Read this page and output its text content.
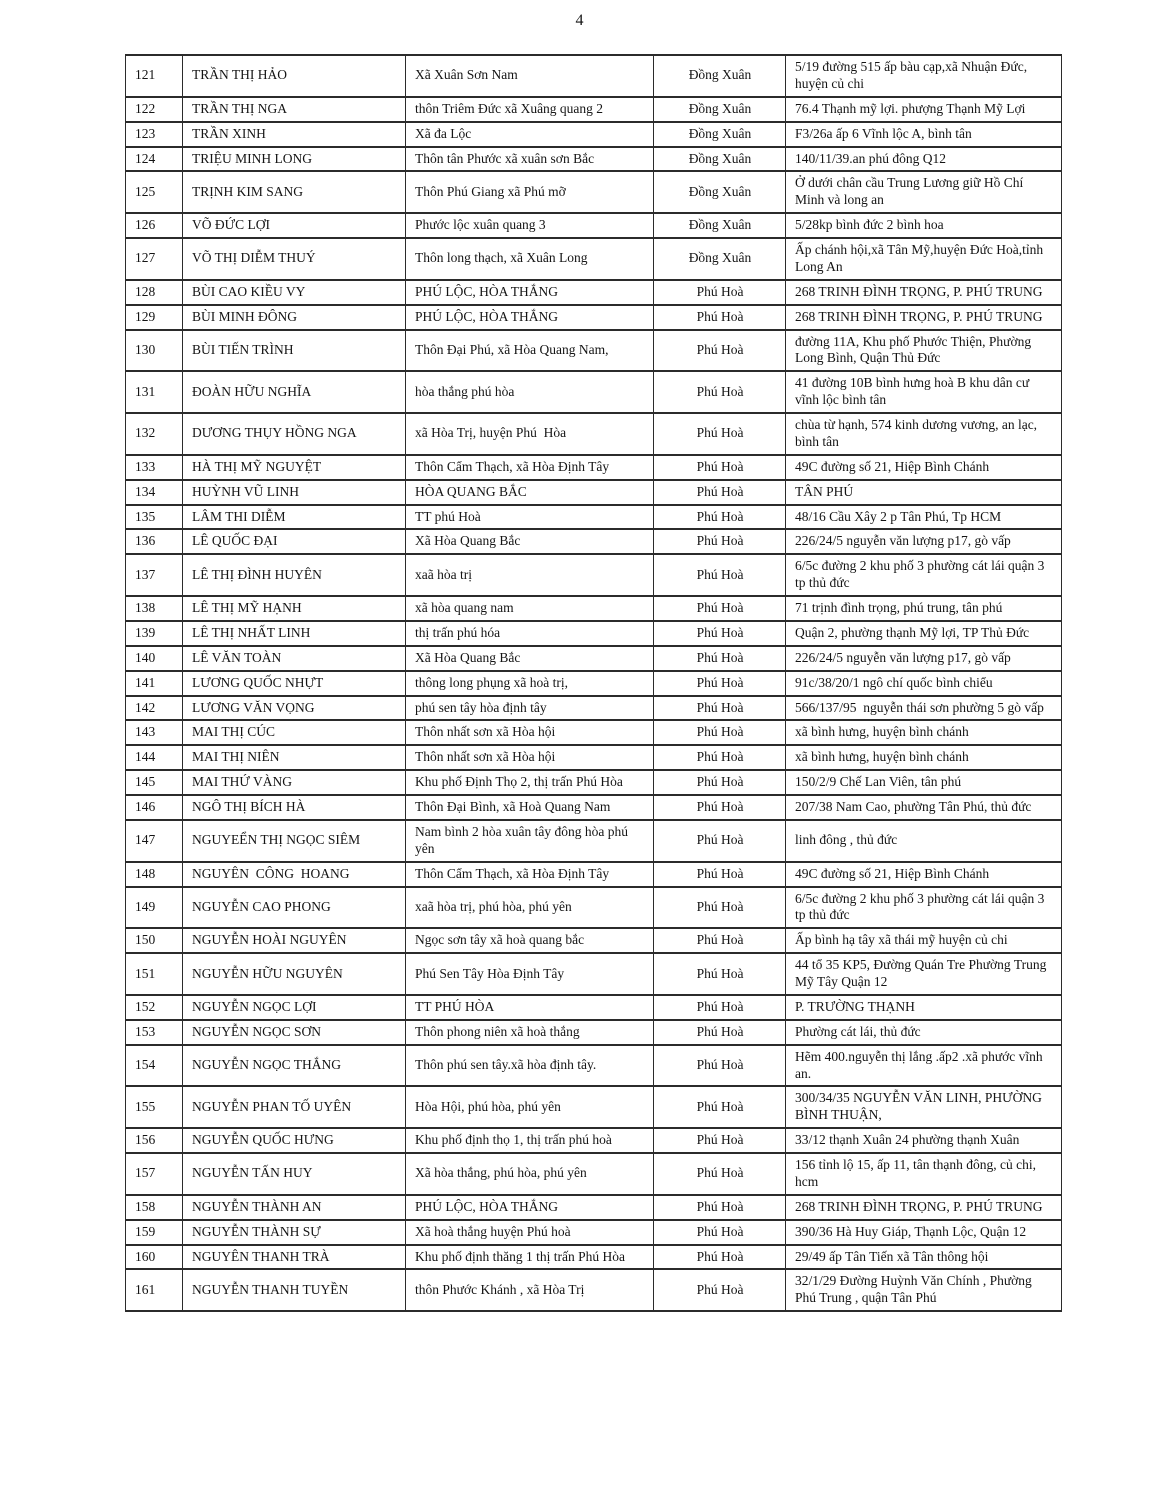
4
121	TRẦN THỊ HẢO	Xã Xuân Sơn Nam	Đồng Xuân	5/19 đường 515 ấp bàu cạp,xã Nhuận Đức, huyện củ chi
122	TRẦN THỊ NGA	thôn Triêm Đức xã Xuâng quang 2	Đồng Xuân	76.4 Thạnh mỹ lợi. phượng Thạnh Mỹ Lợi
123	TRẦN XINH	Xã đa Lộc	Đồng Xuân	F3/26a ấp 6 Vĩnh lộc A, bình tân
124	TRIỆU MINH LONG	Thôn tân Phước xã xuân sơn Bắc	Đồng Xuân	140/11/39.an phú đông Q12
125	TRỊNH KIM SANG	Thôn Phú Giang xã Phú mỡ	Đồng Xuân	Ở dưới chân cầu Trung Lương giữ Hồ Chí Minh và long an
126	VÕ ĐỨC LỢI	Phước lộc xuân quang 3	Đồng Xuân	5/28kp bình đức 2 bình hoa
127	VÕ THỊ DIỄM THUÝ	Thôn long thạch, xã Xuân Long	Đồng Xuân	Ấp chánh hội,xã Tân Mỹ,huyện Đức Hoà,tỉnh Long An
128	BÙI CAO KIỀU VY	PHÚ LỘC, HÒA THẮNG	Phú Hoà	268 TRINH ĐÌNH TRỌNG, P. PHÚ TRUNG
129	BÙI MINH ĐÔNG	PHÚ LỘC, HÒA THẮNG	Phú Hoà	268 TRINH ĐÌNH TRỌNG, P. PHÚ TRUNG
130	BÙI TIẾN TRÌNH	Thôn Đại Phú, xã Hòa Quang Nam,	Phú Hoà	đường 11A, Khu phố Phước Thiện, Phường Long Bình, Quận Thủ Đức
131	ĐOÀN HỮU NGHĨA	hòa thắng phú hòa	Phú Hoà	41 đường 10B bình hưng hoà B khu dân cư vĩnh lộc bình tân
132	DƯƠNG THỤY HỒNG NGA	xã Hòa Trị, huyện Phú  Hòa	Phú Hoà	chùa từ hạnh, 574 kinh dương vương, an lạc, bình tân
133	HÀ THỊ MỸ NGUYỆT	Thôn Cẩm Thạch, xã Hòa Định Tây	Phú Hoà	49C đường số 21, Hiệp Bình Chánh
134	HUỲNH VŨ LINH	HÒA QUANG BẮC	Phú Hoà	TÂN PHÚ
135	LÂM THI DIỄM	TT phú Hoà	Phú Hoà	48/16 Cầu Xây 2 p Tân Phú, Tp HCM
136	LÊ QUỐC ĐẠI	Xã Hòa Quang Bắc	Phú Hoà	226/24/5 nguyễn văn lượng p17, gò vấp
137	LÊ THỊ ĐÌNH HUYÊN	xaã hòa trị	Phú Hoà	6/5c đường 2 khu phố 3 phường cát lái quận 3 tp thủ đức
138	LÊ THỊ MỸ HẠNH	xã hòa quang nam	Phú Hoà	71 trịnh đình trọng, phú trung, tân phú
139	LÊ THỊ NHẤT LINH	thị trấn phú hóa	Phú Hoà	Quận 2, phường thạnh Mỹ lợi, TP Thủ Đức
140	LÊ VĂN TOÀN	Xã Hòa Quang Bắc	Phú Hoà	226/24/5 nguyễn văn lượng p17, gò vấp
141	LƯƠNG QUỐC NHỰT	thông long phụng xã hoà trị,	Phú Hoà	91c/38/20/1 ngô chí quốc bình chiểu
142	LƯƠNG VĂN VỌNG	phú sen tây hòa định tây	Phú Hoà	566/137/95  nguyễn thái sơn phường 5 gò vấp
143	MAI THỊ CÚC	Thôn nhất sơn xã Hòa hội	Phú Hoà	xã bình hưng, huyện bình chánh
144	MAI THỊ NIÊN	Thôn nhất sơn xã Hòa hội	Phú Hoà	xã bình hưng, huyện bình chánh
145	MAI THỨ VÀNG	Khu phố Định Thọ 2, thị trấn Phú Hòa	Phú Hoà	150/2/9 Chế Lan Viên, tân phú
146	NGÔ THỊ BÍCH HÀ	Thôn Đại Bình, xã Hoà Quang Nam	Phú Hoà	207/38 Nam Cao, phường Tân Phú, thủ đức
147	NGUYEỂN THỊ NGỌC SIÊM	Nam bình 2 hòa xuân tây đông hòa phú yên	Phú Hoà	linh đông , thủ đức
148	NGUYÊN  CÔNG  HOANG	Thôn Cẩm Thạch, xã Hòa Định Tây	Phú Hoà	49C đường số 21, Hiệp Bình Chánh
149	NGUYỄN CAO PHONG	xaã hòa trị, phú hòa, phú yên	Phú Hoà	6/5c đường 2 khu phố 3 phường cát lái quận 3 tp thủ đức
150	NGUYỄN HOÀI NGUYÊN	Ngọc sơn tây xã hoà quang bắc	Phú Hoà	Ấp bình hạ tây xã thái mỹ huyện củ chi
151	NGUYỄN HỮU NGUYÊN	Phú Sen Tây Hòa Định Tây	Phú Hoà	44 tổ 35 KP5, Đường Quán Tre Phường Trung Mỹ Tây Quận 12
152	NGUYỄN NGỌC LỢI	TT PHÚ HÒA	Phú Hoà	P. TRƯỜNG THẠNH
153	NGUYỄN NGỌC SƠN	Thôn phong niên xã hoà thắng	Phú Hoà	Phường cát lái, thủ đức
154	NGUYỄN NGỌC THẮNG	Thôn phú sen tây.xã hòa định tây.	Phú Hoà	Hẽm 400.nguyễn thị lắng .ấp2 .xã phước vĩnh an.
155	NGUYỄN PHAN TỐ UYÊN	Hòa Hội, phú hòa, phú yên	Phú Hoà	300/34/35 NGUYỄN VĂN LINH, PHƯỜNG BÌNH THUẬN,
156	NGUYỄN QUỐC HƯNG	Khu phố định thọ 1, thị trấn phú hoà	Phú Hoà	33/12 thạnh Xuân 24 phường thạnh Xuân
157	NGUYỄN TẤN HUY	Xã hòa thắng, phú hòa, phú yên	Phú Hoà	156 tỉnh lộ 15, ấp 11, tân thạnh đông, củ chi, hcm
158	NGUYỄN THÀNH AN	PHÚ LỘC, HÒA THẮNG	Phú Hoà	268 TRINH ĐÌNH TRỌNG, P. PHÚ TRUNG
159	NGUYỄN THÀNH SỰ	Xã hoà thắng huyện Phú hoà	Phú Hoà	390/36 Hà Huy Giáp, Thạnh Lộc, Quận 12
160	NGUYÊN THANH TRÀ	Khu phố định thăng 1 thị trấn Phú Hòa	Phú Hoà	29/49 ấp Tân Tiến xã Tân thông hội
161	NGUYỄN THANH TUYỀN	thôn Phước Khánh , xã Hòa Trị	Phú Hoà	32/1/29 Đường Huỳnh Văn Chính , Phường Phú Trung , quận Tân Phú
